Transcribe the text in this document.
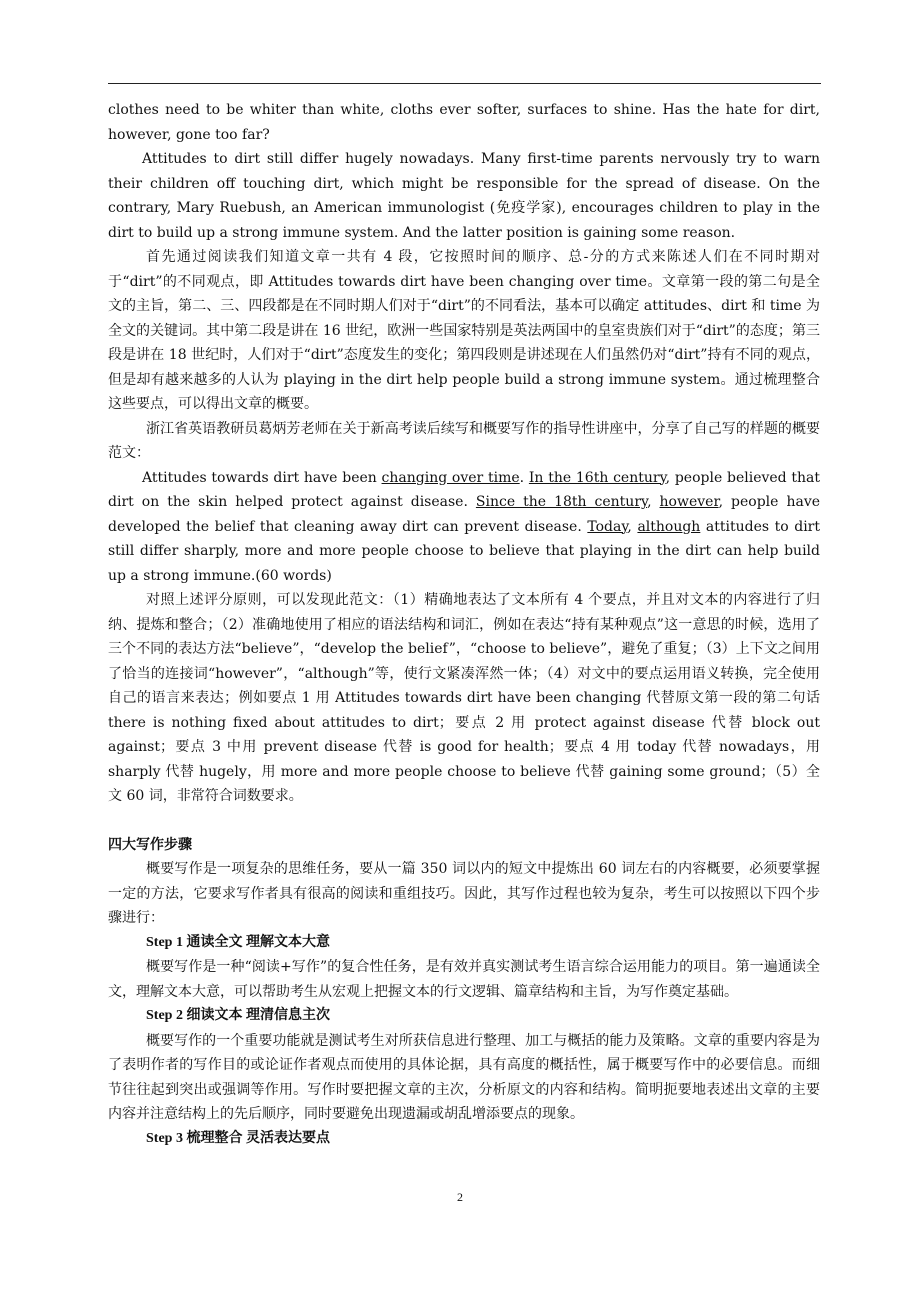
clothes need to be whiter than white, cloths ever softer, surfaces to shine. Has the hate for dirt, however, gone too far?

Attitudes to dirt still differ hugely nowadays. Many first-time parents nervously try to warn their children off touching dirt, which might be responsible for the spread of disease. On the contrary, Mary Ruebush, an American immunologist (免疫学家), encourages children to play in the dirt to build up a strong immune system. And the latter position is gaining some reason.

首先通过阅读我们知道文章一共有 4 段，它按照时间的顺序、总-分的方式来陈述人们在不同时期对于“dirt”的不同观点，即 Attitudes towards dirt have been changing over time。文章第一段的第二句是全文的主旨，第二、三、四段都是在不同时期人们对于“dirt”的不同看法，基本可以确定 attitudes、dirt 和 time 为全文的关键词。其中第二段是讲在 16 世纪，欧洲一些国家特别是英法两国中的皇室贵族们对于“dirt”的态度；第三段是讲在 18 世纪时，人们对于“dirt”态度发生的变化；第四段则是讲述现在人们虽然仍对“dirt”持有不同的观点，但是却有越来越多的人认为 playing in the dirt help people build a strong immune system。通过梳理整合这些要点，可以得出文章的概要。

浙江省英语教研员葛炳芳老师在关于新高考读后续写和概要写作的指导性讲座中，分享了自己写的样题的概要范文：

Attitudes towards dirt have been changing over time. In the 16th century, people believed that dirt on the skin helped protect against disease. Since the 18th century, however, people have developed the belief that cleaning away dirt can prevent disease. Today, although attitudes to dirt still differ sharply, more and more people choose to believe that playing in the dirt can help build up a strong immune.(60 words)

对照上述评分原则，可以发现此范文：（1）精确地表达了文本所有 4 个要点，并且对文本的内容进行了归纳、提炼和整合；（2）准确地使用了相应的语法结构和词汇，例如在表达“持有某种观点”这一意思的时候，选用了三个不同的表达方法“believe”，“develop the belief”，“choose to believe”，避免了重复；（3）上下文之间用了恰当的连接词“however”，“although”等，使行文紧凑浑然一体；（4）对文中的要点运用语义转换，完全使用自己的语言来表达；例如要点 1 用 Attitudes towards dirt have been changing 代替原文第一段的第二句话 there is nothing fixed about attitudes to dirt；要点 2 用 protect against disease 代替 block out against；要点 3 中用 prevent disease 代替 is good for health；要点 4 用 today 代替 nowadays，用 sharply 代替 hugely，用 more and more people choose to believe 代替 gaining some ground；（5）全文 60 词，非常符合词数要求。

四大写作步骤

概要写作是一项复杂的思维任务，要从一篇 350 词以内的短文中提炼出 60 词左右的内容概要，必须要掌握一定的方法，它要求写作者具有很高的阅读和重组技巧。因此，其写作过程也较为复杂，考生可以按照以下四个步骤进行：

Step 1 通读全文 理解文本大意

概要写作是一种“阅读+写作”的复合性任务，是有效并真实测试考生语言综合运用能力的项目。第一遍通读全文，理解文本大意，可以帮助考生从宏观上把握文本的行文逻辑、篇章结构和主旨，为写作奠定基础。

Step 2 细读文本 理清信息主次

概要写作的一个重要功能就是测试考生对所获信息进行整理、加工与概括的能力及策略。文章的重要内容是为了表明作者的写作目的或论证作者观点而使用的具体论据，具有高度的概括性，属于概要写作中的必要信息。而细节往往起到突出或强调等作用。写作时要把握文章的主次，分析原文的内容和结构。简明扼要地表述出文章的主要内容并注意结构上的先后顺序，同时要避免出现遗漏或胡乱增添要点的现象。

Step 3 梳理整合 灵活表达要点

2
